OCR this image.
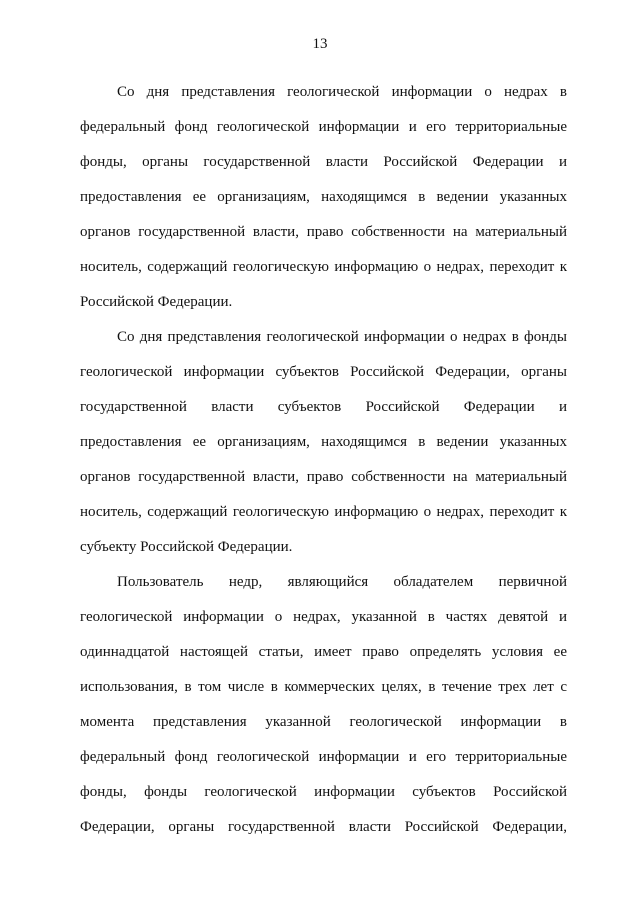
13
Со дня представления геологической информации о недрах в
федеральный фонд геологической информации и его территориальные
фонды, органы государственной власти Российской Федерации и
предоставления ее организациям, находящимся в ведении указанных
органов государственной власти, право собственности на материальный
носитель, содержащий геологическую информацию о недрах, переходит к
Российской Федерации.
Со дня представления геологической информации о недрах в фонды
геологической информации субъектов Российской Федерации, органы
государственной власти субъектов Российской Федерации и
предоставления ее организациям, находящимся в ведении указанных
органов государственной власти, право собственности на материальный
носитель, содержащий геологическую информацию о недрах, переходит к
субъекту Российской Федерации.
Пользователь недр, являющийся обладателем первичной
геологической информации о недрах, указанной в частях девятой и
одиннадцатой настоящей статьи, имеет право определять условия ее
использования, в том числе в коммерческих целях, в течение трех лет с
момента представления указанной геологической информации в
федеральный фонд геологической информации и его территориальные
фонды, фонды геологической информации субъектов Российской
Федерации, органы государственной власти Российской Федерации,
